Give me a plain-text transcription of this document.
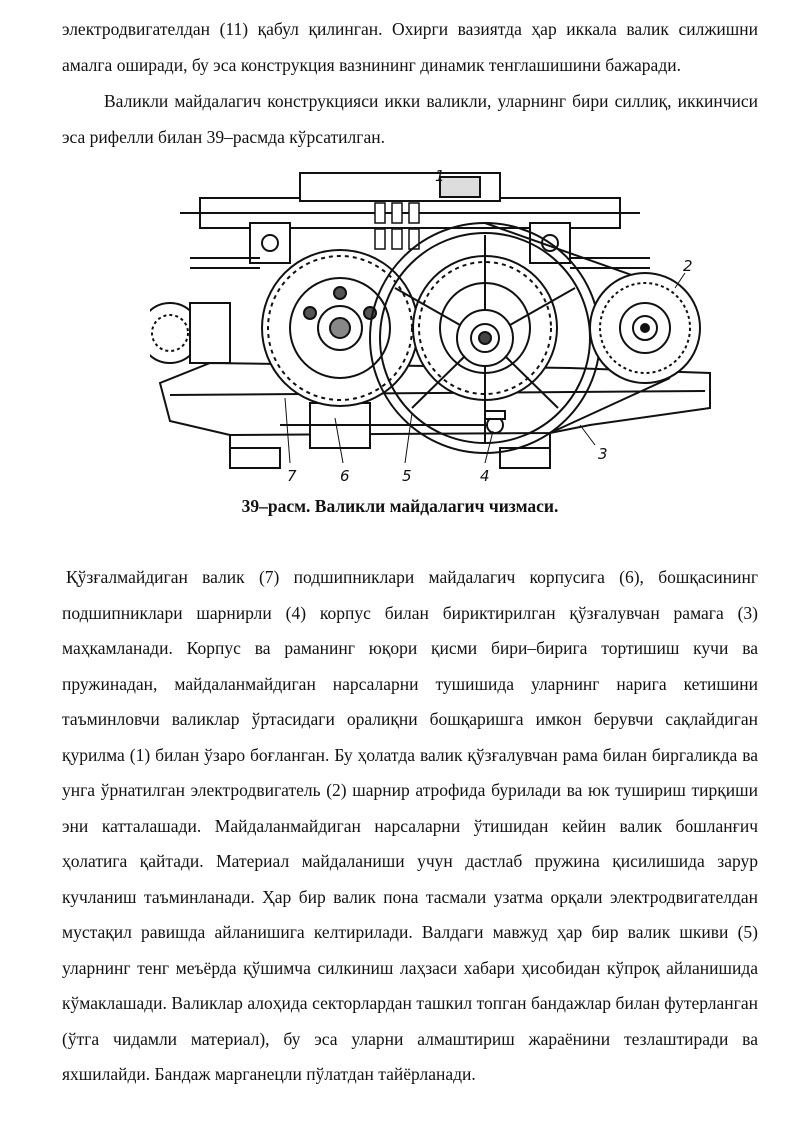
электродвигателдан (11) қабул қилинган. Охирги вазиятда ҳар иккала валик силжишни амалга оширади, бу эса конструкция вазнининг динамик тенглашишини бажаради.

Валикли майдалагич конструкцияси икки валикли, уларнинг бири силлиқ, иккинчиси эса рифелли билан 39–расмда кўрсатилган.

7	6	5	4
3
2
1

39–расм. Валикли майдалагич чизмаси.

Қўзғалмайдиган валик (7) подшипниклари майдалагич корпусига (6), бошқасининг подшипниклари шарнирли (4) корпус билан бириктирилган қўзғалувчан рамага (3) маҳкамланади. Корпус ва раманинг юқори қисми бири–бирига тортишиш кучи ва пружинадан, майдаланмайдиган нарсаларни тушишида уларнинг нарига кетишини таъминловчи валиклар ўртасидаги оралиқни бошқаришга имкон берувчи сақлайдиган қурилма (1) билан ўзаро боғланган. Бу ҳолатда валик қўзғалувчан рама билан биргаликда ва унга ўрнатилган электродвигатель (2) шарнир атрофида бурилади ва юк тушириш тирқиши эни катталашади. Майдаланмайдиган нарсаларни ўтишидан кейин валик бошланғич ҳолатига қайтади. Материал майдаланиши учун дастлаб пружина қисилишида зарур кучланиш таъминланади. Ҳар бир валик пона тасмали узатма орқали электродвигателдан мустақил равишда айланишига келтирилади. Валдаги мавжуд ҳар бир валик шкиви (5) уларнинг тенг меъёрда қўшимча силкиниш лаҳзаси хабари ҳисобидан кўпроқ айланишида кўмаклашади. Валиклар алоҳида секторлардан ташкил топган бандажлар билан футерланган (ўтга чидамли материал), бу эса уларни алмаштириш жараёнини тезлаштиради ва яхшилайди. Бандаж марганецли пўлатдан тайёрланади.
